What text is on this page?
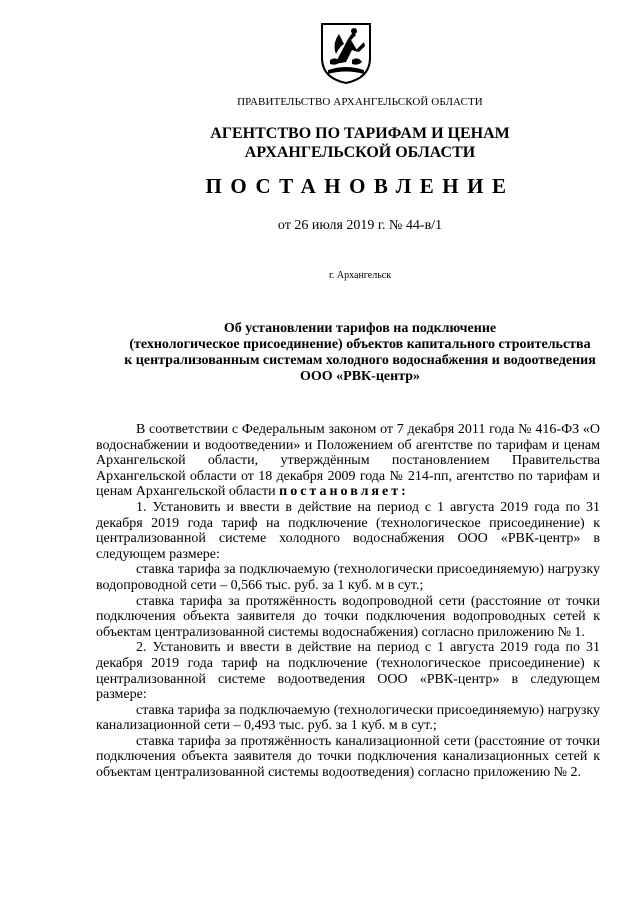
ПРАВИТЕЛЬСТВО АРХАНГЕЛЬСКОЙ ОБЛАСТИ
АГЕНТСТВО ПО ТАРИФАМ И ЦЕНАМ
АРХАНГЕЛЬСКОЙ ОБЛАСТИ
ПОСТАНОВЛЕНИЕ
от 26 июля 2019 г. № 44-в/1
г. Архангельск
Об установлении тарифов на подключение
(технологическое присоединение) объектов капитального строительства
к централизованным системам холодного водоснабжения и водоотведения
ООО «РВК-центр»

В соответствии с Федеральным законом от 7 декабря 2011 года № 416-ФЗ «О водоснабжении и водоотведении» и Положением об агентстве по тарифам и ценам Архангельской области, утверждённым постановлением Правительства Архангельской области от 18 декабря 2009 года № 214-пп, агентство по тарифам и ценам Архангельской области постановляет:

1. Установить и ввести в действие на период с 1 августа 2019 года по 31 декабря 2019 года тариф на подключение (технологическое присоединение) к централизованной системе холодного водоснабжения ООО «РВК-центр» в следующем размере:

ставка тарифа за подключаемую (технологически присоединяемую) нагрузку водопроводной сети – 0,566 тыс. руб. за 1 куб. м в сут.;

ставка тарифа за протяжённость водопроводной сети (расстояние от точки подключения объекта заявителя до точки подключения водопроводных сетей к объектам централизованной системы водоснабжения) согласно приложению № 1.

2. Установить и ввести в действие на период с 1 августа 2019 года по 31 декабря 2019 года тариф на подключение (технологическое присоединение) к централизованной системе водоотведения ООО «РВК-центр» в следующем размере:

ставка тарифа за подключаемую (технологически присоединяемую) нагрузку канализационной сети – 0,493 тыс. руб. за 1 куб. м в сут.;

ставка тарифа за протяжённость канализационной сети (расстояние от точки подключения объекта заявителя до точки подключения канализационных сетей к объектам централизованной системы водоотведения) согласно приложению № 2.
